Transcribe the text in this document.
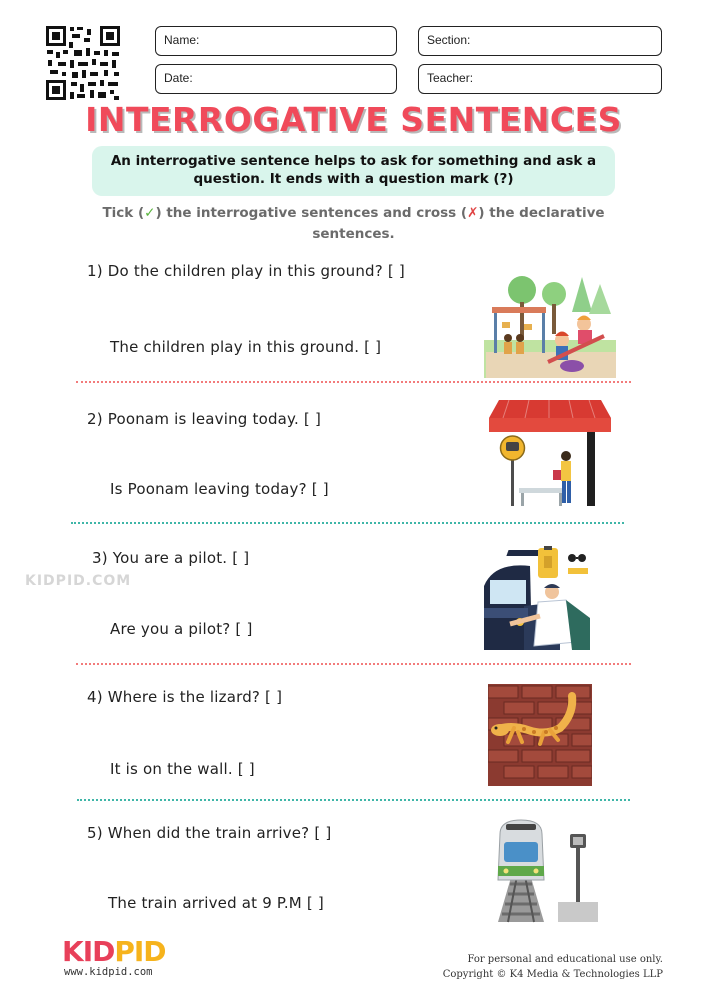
Name:	Section:
Date:	Teacher:
INTERROGATIVE SENTENCES
An interrogative sentence helps to ask for something and ask a question. It ends with a question mark (?)
Tick (✓) the interrogative sentences and cross (✗) the declarative sentences.
1) Do the children play in this ground? [ ]
The children play in this ground. [ ]
2) Poonam is leaving today. [ ]
Is Poonam leaving today? [ ]
KIDPID.COM
3) You are a pilot. [ ]
Are you a pilot? [ ]
4) Where is the lizard? [ ]
It is on the wall. [ ]
5) When did the train arrive? [ ]
The train arrived at 9 P.M [ ]
KIDPID
www.kidpid.com
For personal and educational use only.
Copyright © K4 Media & Technologies LLP
